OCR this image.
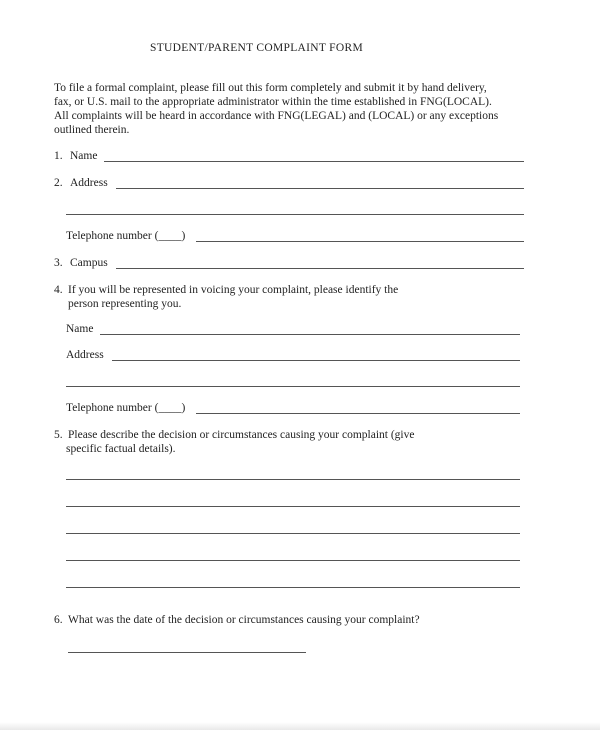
STUDENT/PARENT COMPLAINT FORM
To file a formal complaint, please fill out this form completely and submit it by hand delivery,
fax, or U.S. mail to the appropriate administrator within the time established in FNG(LOCAL).
All complaints will be heard in accordance with FNG(LEGAL) and (LOCAL) or any exceptions
outlined therein.
1. Name
2. Address
Telephone number (____)
3. Campus
4. If you will be represented in voicing your complaint, please identify the
person representing you.
Name
Address
Telephone number (____)
5. Please describe the decision or circumstances causing your complaint (give
specific factual details).
6. What was the date of the decision or circumstances causing your complaint?
